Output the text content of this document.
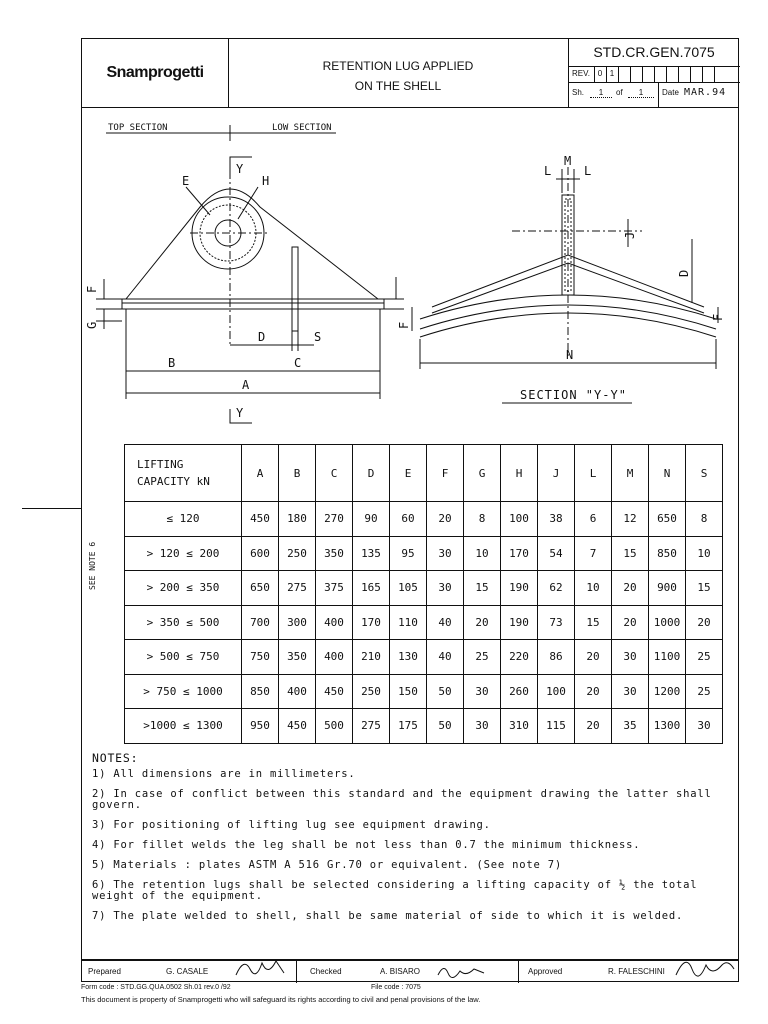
Snamprogetti	RETENTION LUG APPLIED
ON THE SHELL
STD.CR.GEN.7075
REV. 0 1
Sh.	1	of	1	Date MAR.94
TOP SECTION	LOW SECTION
E
Y
H
F
G
D	S
B	C
A
Y
L
M
L
J
D
F
F
N
SECTION "Y-Y"
LIFTING CAPACITY kN	A	B	C	D	E	F	G	H	J	L	M	N	S
≤ 120	450	180	270	90	60	20	8	100	38	6	12	650	8
> 120 ≤ 200	600	250	350	135	95	30	10	170	54	7	15	850	10
> 200 ≤ 350	650	275	375	165	105	30	15	190	62	10	20	900	15
> 350 ≤ 500	700	300	400	170	110	40	20	190	73	15	20	1000	20
> 500 ≤ 750	750	350	400	210	130	40	25	220	86	20	30	1100	25
> 750 ≤ 1000	850	400	450	250	150	50	30	260	100	20	30	1200	25
>1000 ≤ 1300	950	450	500	275	175	50	30	310	115	20	35	1300	30
NOTES:
1) All dimensions are in millimeters.
2) In case of conflict between this standard and the equipment drawing the latter shall govern.
3) For positioning of lifting lug see equipment drawing.
4) For fillet welds the leg shall be not less than 0.7 the minimum thickness.
5) Materials : plates ASTM A 516 Gr.70 or equivalent. (See note 7)
6) The retention lugs shall be selected considering a lifting capacity of ½ the total weight of the equipment.
7) The plate welded to shell, shall be same material of side to which it is welded.
SEE NOTE 6
Prepared	G. CASALE	Checked	A. BISARO	Approved	R. FALESCHINI
Form code : STD.GG.QUA.0502 Sh.01 rev.0 /92	File code : 7075
This document is property of Snamprogetti who will safeguard its rights according to civil and penal provisions of the law.
